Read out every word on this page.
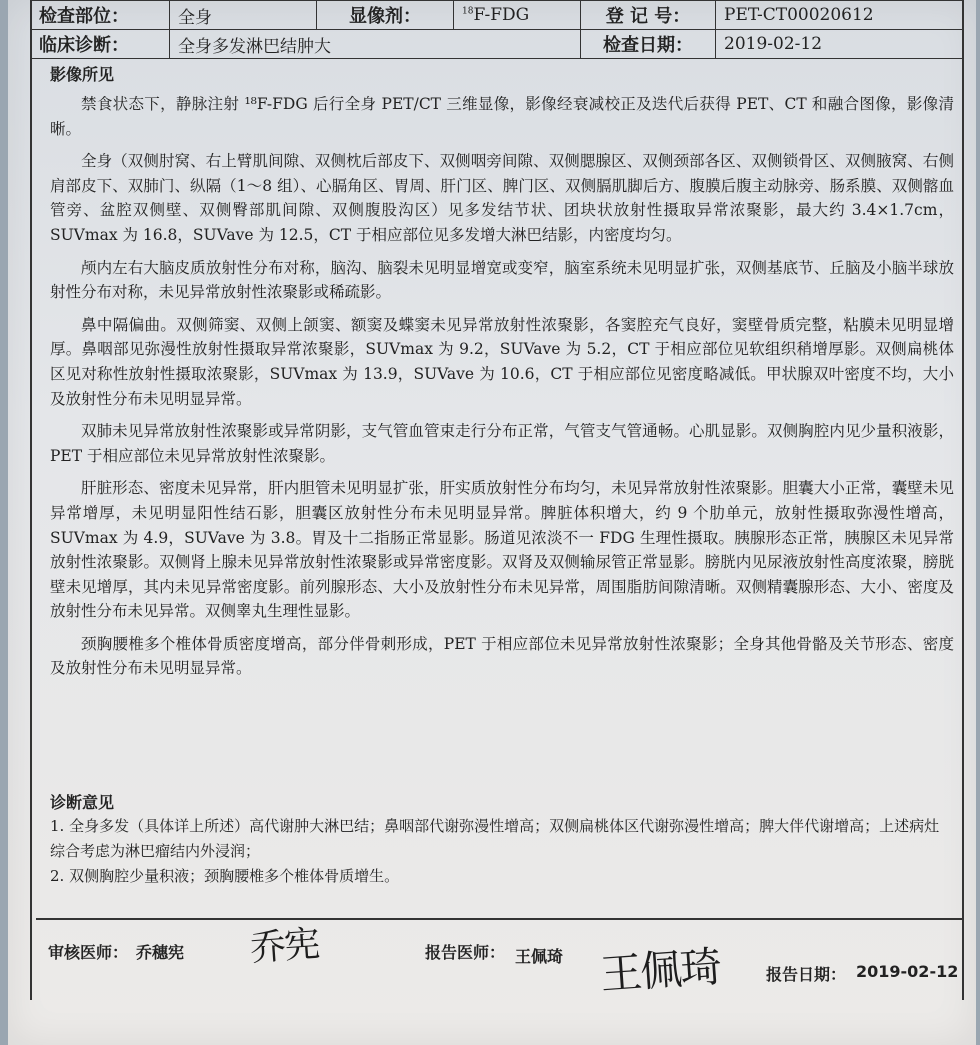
检查部位：	全身	显像剂：	$^{18}$F-FDG	登 记 号：	PET-CT00020612
临床诊断：	全身多发淋巴结肿大			检查日期：	2019-02-12
影像所见

禁食状态下，静脉注射 ¹⁸F-FDG 后行全身 PET/CT 三维显像，影像经衰减校正及迭代后获得 PET、CT 和融合图像，影像清晰。

全身（双侧肘窝、右上臂肌间隙、双侧枕后部皮下、双侧咽旁间隙、双侧腮腺区、双侧颈部各区、双侧锁骨区、双侧腋窝、右侧肩部皮下、双肺门、纵隔（1～8 组）、心膈角区、胃周、肝门区、脾门区、双侧膈肌脚后方、腹膜后腹主动脉旁、肠系膜、双侧髂血管旁、盆腔双侧壁、双侧臀部肌间隙、双侧腹股沟区）见多发结节状、团块状放射性摄取异常浓聚影，最大约 3.4×1.7cm，SUVmax 为 16.8，SUVave 为 12.5，CT 于相应部位见多发增大淋巴结影，内密度均匀。

颅内左右大脑皮质放射性分布对称，脑沟、脑裂未见明显增宽或变窄，脑室系统未见明显扩张，双侧基底节、丘脑及小脑半球放射性分布对称，未见异常放射性浓聚影或稀疏影。

鼻中隔偏曲。双侧筛窦、双侧上颌窦、额窦及蝶窦未见异常放射性浓聚影，各窦腔充气良好，窦壁骨质完整，粘膜未见明显增厚。鼻咽部见弥漫性放射性摄取异常浓聚影，SUVmax 为 9.2，SUVave 为 5.2，CT 于相应部位见软组织稍增厚影。双侧扁桃体区见对称性放射性摄取浓聚影，SUVmax 为 13.9，SUVave 为 10.6，CT 于相应部位见密度略减低。甲状腺双叶密度不均，大小及放射性分布未见明显异常。

双肺未见异常放射性浓聚影或异常阴影，支气管血管束走行分布正常，气管支气管通畅。心肌显影。双侧胸腔内见少量积液影，PET 于相应部位未见异常放射性浓聚影。

肝脏形态、密度未见异常，肝内胆管未见明显扩张，肝实质放射性分布均匀，未见异常放射性浓聚影。胆囊大小正常，囊壁未见异常增厚，未见明显阳性结石影，胆囊区放射性分布未见明显异常。脾脏体积增大，约 9 个肋单元，放射性摄取弥漫性增高，SUVmax 为 4.9，SUVave 为 3.8。胃及十二指肠正常显影。肠道见浓淡不一 FDG 生理性摄取。胰腺形态正常，胰腺区未见异常放射性浓聚影。双侧肾上腺未见异常放射性浓聚影或异常密度影。双肾及双侧输尿管正常显影。膀胱内见尿液放射性高度浓聚，膀胱壁未见增厚，其内未见异常密度影。前列腺形态、大小及放射性分布未见异常，周围脂肪间隙清晰。双侧精囊腺形态、大小、密度及放射性分布未见异常。双侧睾丸生理性显影。

颈胸腰椎多个椎体骨质密度增高，部分伴骨刺形成，PET 于相应部位未见异常放射性浓聚影；全身其他骨骼及关节形态、密度及放射性分布未见明显异常。

诊断意见

1. 全身多发（具体详上所述）高代谢肿大淋巴结；鼻咽部代谢弥漫性增高；双侧扁桃体区代谢弥漫性增高；脾大伴代谢增高；上述病灶综合考虑为淋巴瘤结内外浸润；

2. 双侧胸腔少量积液；颈胸腰椎多个椎体骨质增生。

审核医师： 乔穗宪 乔宪	报告医师： 王佩琦 王佩琦	报告日期： 2019-02-12
